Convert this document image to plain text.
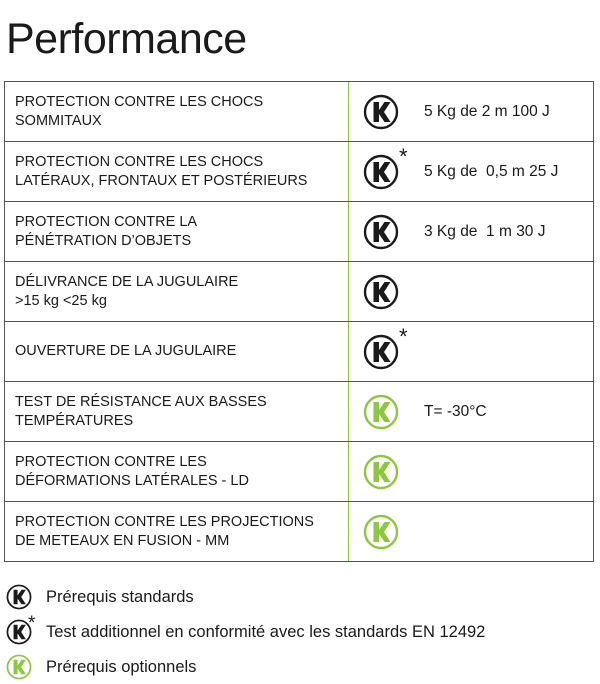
Performance
PROTECTION CONTRE LES CHOCS
SOMMITAUX
5 Kg de 2 m 100 J
PROTECTION CONTRE LES CHOCS
LATÉRAUX, FRONTAUX ET POSTÉRIEURS
*
5 Kg de  0,5 m 25 J
PROTECTION CONTRE LA
PÉNÉTRATION D’OBJETS
3 Kg de  1 m 30 J
DÉLIVRANCE DE LA JUGULAIRE
>15 kg <25 kg
OUVERTURE DE LA JUGULAIRE
*
TEST DE RÉSISTANCE AUX BASSES
TEMPÉRATURES
T= -30°C
PROTECTION CONTRE LES
DÉFORMATIONS LATÉRALES - LD
PROTECTION CONTRE LES PROJECTIONS
DE METEAUX EN FUSION - MM
Prérequis standards
* Test additionnel en conformité avec les standards EN 12492
Prérequis optionnels
